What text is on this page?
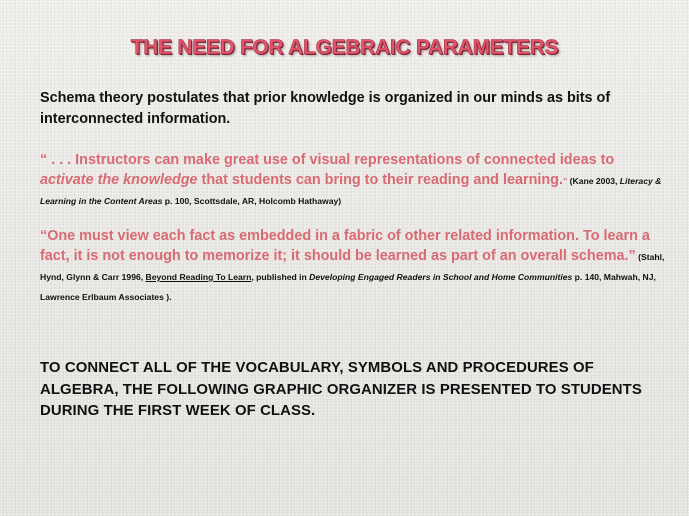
THE NEED FOR ALGEBRAIC PARAMETERS

Schema theory postulates that prior knowledge is organized in our minds as bits of interconnected information.

“ . . . Instructors can make great use of visual representations of connected ideas to activate the knowledge that students can bring to their reading and learning.” (Kane 2003, Literacy & Learning in the Content Areas p. 100, Scottsdale, AR, Holcomb Hathaway)

“One must view each fact as embedded in a fabric of other related information. To learn a fact, it is not enough to memorize it; it should be learned as part of an overall schema.” (Stahl, Hynd, Glynn & Carr 1996, Beyond Reading To Learn, published in Developing Engaged Readers in School and Home Communities p. 140, Mahwah, NJ, Lawrence Erlbaum Associates ).

TO CONNECT ALL OF THE VOCABULARY, SYMBOLS AND PROCEDURES OF ALGEBRA, THE FOLLOWING GRAPHIC ORGANIZER IS PRESENTED TO STUDENTS DURING THE FIRST WEEK OF CLASS.
